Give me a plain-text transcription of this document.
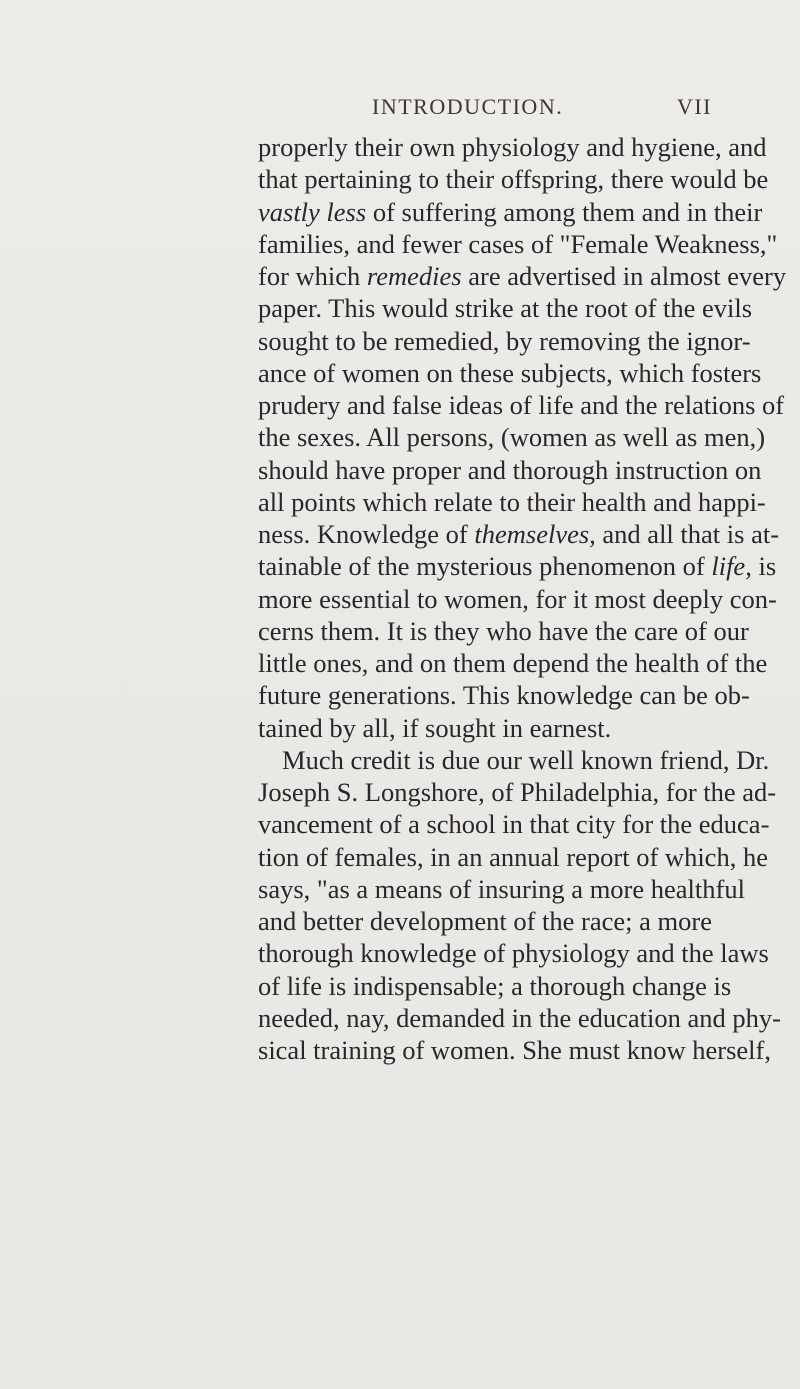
INTRODUCTION.	VII
properly their own physiology and hygiene, and
that pertaining to their offspring, there would be
vastly less of suffering among them and in their
families, and fewer cases of "Female Weakness,"
for which remedies are advertised in almost every
paper. This would strike at the root of the evils
sought to be remedied, by removing the ignor-
ance of women on these subjects, which fosters
prudery and false ideas of life and the relations of
the sexes. All persons, (women as well as men,)
should have proper and thorough instruction on
all points which relate to their health and happi-
ness. Knowledge of themselves, and all that is at-
tainable of the mysterious phenomenon of life, is
more essential to women, for it most deeply con-
cerns them. It is they who have the care of our
little ones, and on them depend the health of the
future generations. This knowledge can be ob-
tained by all, if sought in earnest.
Much credit is due our well known friend, Dr.
Joseph S. Longshore, of Philadelphia, for the ad-
vancement of a school in that city for the educa-
tion of females, in an annual report of which, he
says, "as a means of insuring a more healthful
and better development of the race; a more
thorough knowledge of physiology and the laws
of life is indispensable; a thorough change is
needed, nay, demanded in the education and phy-
sical training of women. She must know herself,
